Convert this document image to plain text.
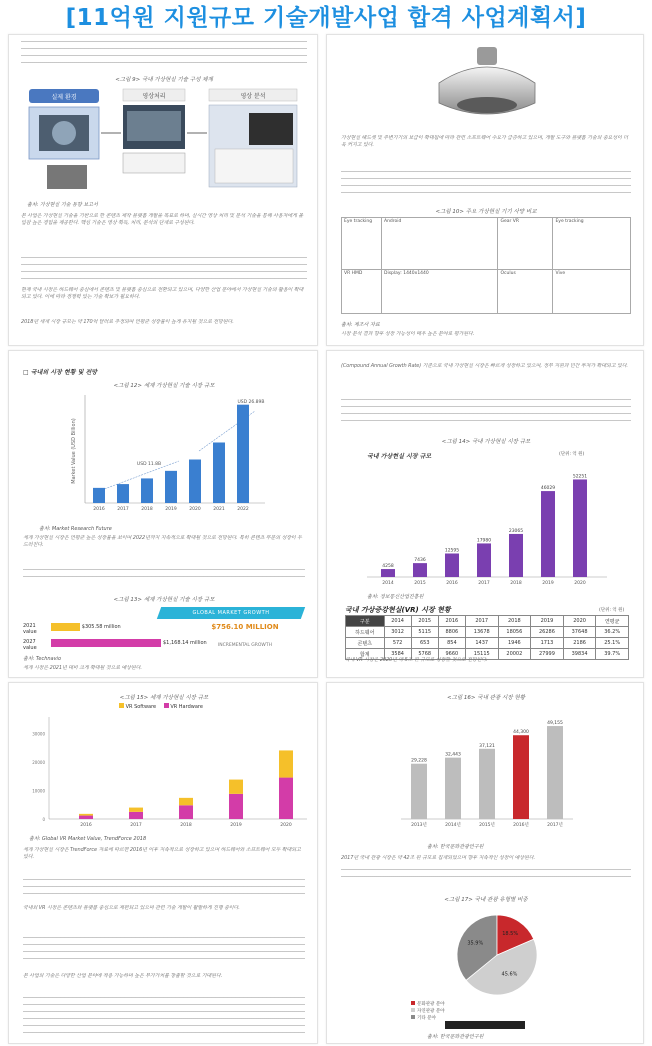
[11억원 지원규모 기술개발사업 합격 사업계획서]
<그림 9> 국내 가상현실 기술 구성 체계
실제 환경	영상처리	영상 분석
출처: 가상현실 기술 동향 보고서
본 사업은 가상현실 기술을 기반으로 한 콘텐츠 제작 플랫폼 개발을 목표로 하며, 실시간 영상 처리 및 분석 기술을 통해 사용자에게 몰입감 높은 경험을 제공한다. 핵심 기술은 영상 획득, 처리, 분석의 단계로 구성된다.
현재 국내 시장은 하드웨어 중심에서 콘텐츠 및 플랫폼 중심으로 전환되고 있으며, 다양한 산업 분야에서 가상현실 기술의 활용이 확대되고 있다. 이에 따라 경쟁력 있는 기술 확보가 필요하다.
2018년 세계 시장 규모는 약 170억 달러로 추정되며 연평균 성장률이 높게 유지될 것으로 전망된다.
가상현실 헤드셋 및 주변기기의 보급이 확대됨에 따라 관련 소프트웨어 수요가 급증하고 있으며, 개발 도구와 플랫폼 기술의 중요성이 더욱 커지고 있다.
<그림 10> 주요 가상현실 기기 사양 비교
Eye tracking	Android	Gear VR	Eye tracking
VR HMD	Display: 1440x1440	Oculus	Vive
출처: 제조사 자료
시장 분석 결과 향후 성장 가능성이 매우 높은 분야로 평가된다.
□ 국내외 시장 현황 및 전망
<그림 12> 세계 가상현실 기술 시장 규모
Market Value (USD Billion)	USD 11.8B
USD 26.89B
2016	2017	2018	2019	2020	2021	2022
출처: Market Research Future
세계 가상현실 시장은 연평균 높은 성장률을 보이며 2022년까지 지속적으로 확대될 것으로 전망된다. 특히 콘텐츠 부문의 성장이 두드러진다.
<그림 13> 세계 가상현실 기술 시장 규모
GLOBAL MARKET GROWTH
2021 value
$305.58 million
2027 value
$1,168.14 million
$756.10 MILLION
INCREMENTAL GROWTH
출처: Technavio
세계 시장은 2021년 대비 크게 확대될 것으로 예상된다.
(Compound Annual Growth Rate) 기준으로 국내 가상현실 시장은 빠르게 성장하고 있으며, 정부 지원과 민간 투자가 확대되고 있다.
<그림 14> 국내 가상현실 시장 규모
국내 가상현실 시장 규모	(단위: 억 원)
4258
2014
7436
2015
12595
2016
17980
2017
23065
2018
46029
2019
52251
2020
출처: 정보통신산업진흥원
국내 가상증강현실(VR) 시장 현황	(단위: 억 원)
구분	2014	2015	2016	2017	2018	2019	2020	연평균
하드웨어	3012	5115	8806	13678	18056	26286	37648	36.2%
콘텐츠	572	653	854	1437	1946	1713	2186	25.1%
합계	3584	5768	9660	15115	20002	27999	39834	39.7%
국내 VR 시장은 2020년 약 5조 원 규모로 성장할 것으로 전망된다.
<그림 15> 세계 가상현실 시장 규모
VR Software	VR Hardware
2016	2017	2018	2019	2020
0
10000
20000
30000
출처: Global VR Market Value, TrendForce 2018
세계 가상현실 시장은 TrendForce 자료에 따르면 2016년 이후 지속적으로 성장하고 있으며 하드웨어와 소프트웨어 모두 확대되고 있다.
국내외 VR 시장은 콘텐츠와 플랫폼 중심으로 재편되고 있으며 관련 기술 개발이 활발하게 진행 중이다.
본 사업의 기술은 다양한 산업 분야에 적용 가능하며 높은 부가가치를 창출할 것으로 기대된다.
<그림 16> 국내 관광 시장 현황
29,228
2013년
32,443
2014년
37,121
2015년
44,300
2016년
49,155
2017년
출처: 한국문화관광연구원
2017년 국내 관광 시장은 약 42조 원 규모로 집계되었으며 향후 지속적인 성장이 예상된다.
<그림 17> 국내 관광 유형별 비중
45.6%
35.9%
18.5%
문화관광 분야
자연관광 분야
기타 분야
출처: 한국문화관광연구원
